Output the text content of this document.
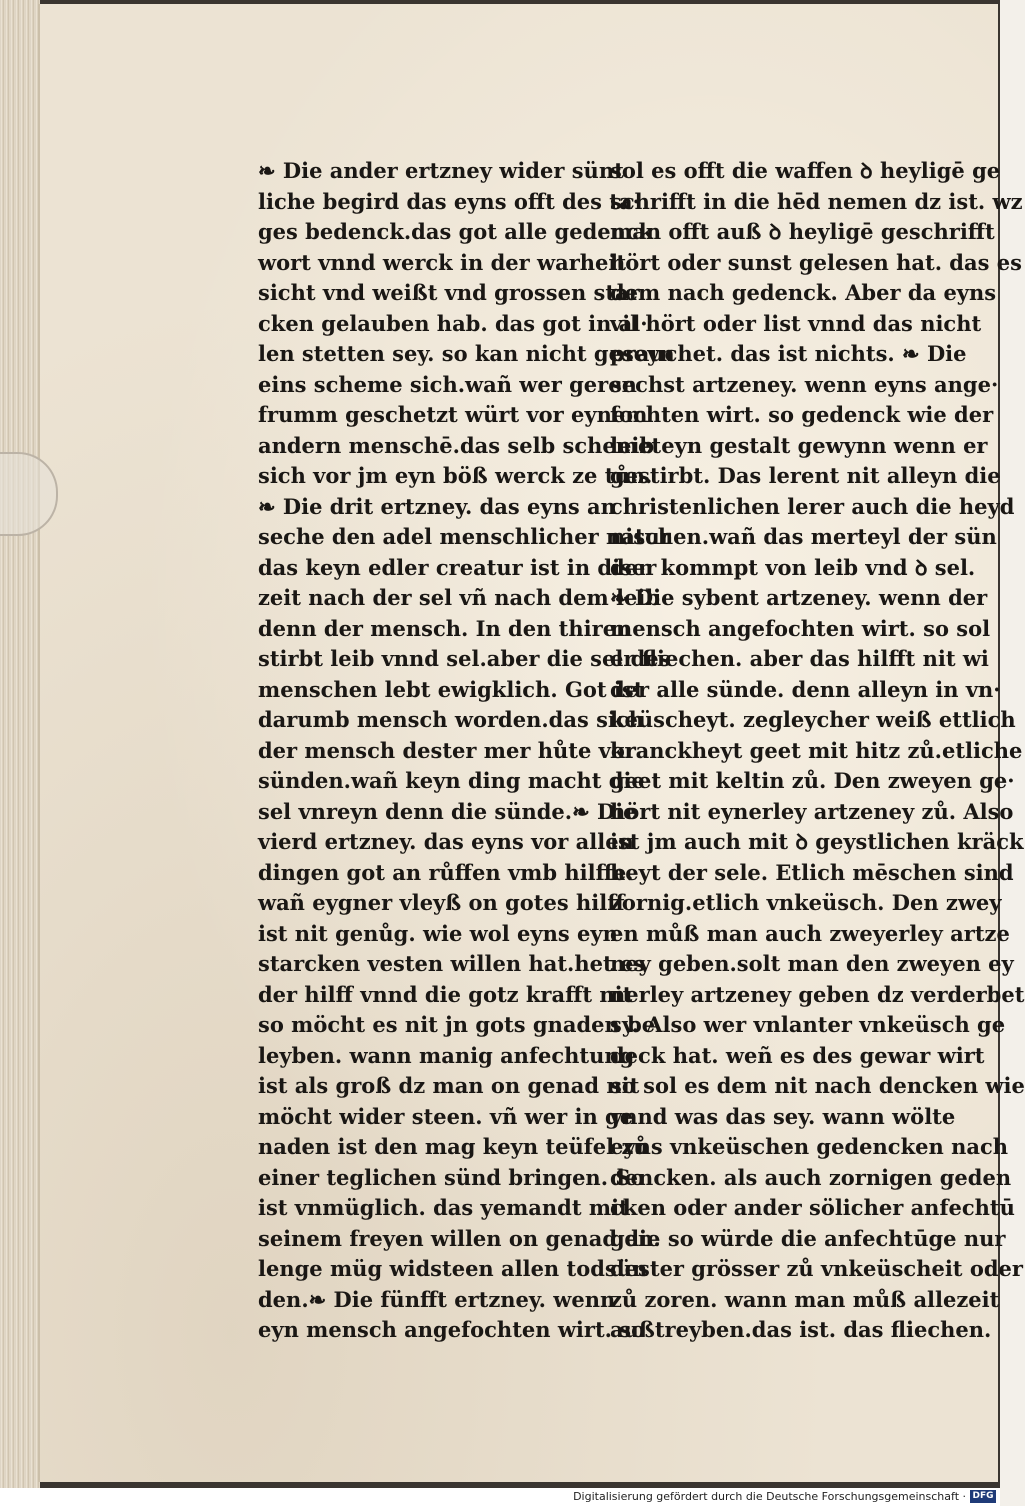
❧ Die ander ertzney wider sünt
liche begird das eyns offt des ta·
ges bedenck.das got alle gedenck
wort vnnd werck in der warheit
sicht vnd weißt vnd grossen star
cken gelauben hab. das got in al·
len stetten sey. so kan nicht geseyn
eins scheme sich.wañ wer geren
frumm geschetzt würt vor eynem
andern menschē.das selb schemet
sich vor jm eyn böß werck ze tůn.
❧ Die drit ertzney. das eyns an
seche den adel menschlicher natur
das keyn edler creatur ist in diser
zeit nach der sel vñ nach dem leib
denn der mensch. In den thiren
stirbt leib vnnd sel.aber die sel des
menschen lebt ewigklich. Got ist
darumb mensch worden.das sich
der mensch dester mer hůte vor
sünden.wañ keyn ding macht die
sel vnreyn denn die sünde.❧ Die
vierd ertzney. das eyns vor allen
dingen got an růffen vmb hilffe.
wañ eygner vleyß on gotes hilff
ist nit genůg. wie wol eyns eyn
starcken vesten willen hat.het es
der hilff vnnd die gotz krafft nit
so möcht es nit jn gots gnaden be
leyben. wann manig anfechtung
ist als groß dz man on genad nit
möcht wider steen. vñ wer in ge
naden ist den mag keyn teüfel zů
einer teglichen sünd bringen. So
ist vnmüglich. das yemandt mit
seinem freyen willen on genad die
lenge müg widsteen allen todsün
den.❧ Die fünfft ertzney. wenn
eyn mensch angefochten wirt. so
sol es offt die waffen ꝺ heyligē ge
schrifft in die hēd nemen dz ist. wz
man offt auß ꝺ heyligē geschrifft
hört oder sunst gelesen hat. das es
dem nach gedenck. Aber da eyns
vil hört oder list vnnd das nicht
prauchet. das ist nichts. ❧ Die
sechst artzeney. wenn eyns ange·
fochten wirt. so gedenck wie der
leib eyn gestalt gewynn wenn er
gestirbt. Das lerent nit alleyn die
christenlichen lerer auch die heyd
nischen.wañ das merteyl der sün
den kommpt von leib vnd ꝺ sel.
❧ Die sybent artzeney. wenn der
mensch angefochten wirt. so sol
er fliechen. aber das hilfft nit wi
der alle sünde. denn alleyn in vn·
keüscheyt. zegleycher weiß ettlich
kranckheyt geet mit hitz zů.etliche
geet mit keltin zů. Den zweyen ge·
hört nit eynerley artzeney zů. Also
ist jm auch mit ꝺ geystlichen kräck
heyt der sele. Etlich mēschen sind
zornig.etlich vnkeüsch. Den zwey
en můß man auch zweyerley artze
ney geben.solt man den zweyen ey
nerley artzeney geben dz verderbet
sy. Also wer vnlanter vnkeüsch ge
deck hat. weñ es des gewar wirt
so sol es dem nit nach dencken wie
vnnd was das sey. wann wölte
eyns vnkeüschen gedencken nach
dencken. als auch zornigen geden
cken oder ander sölicher anfechtū
gen. so würde die anfechtūge nur
dester grösser zů vnkeüscheit oder
zů zoren. wann man můß allezeit
außtreyben.das ist. das fliechen.
Digitalisierung gefördert durch die Deutsche Forschungsgemeinschaft · DFG
